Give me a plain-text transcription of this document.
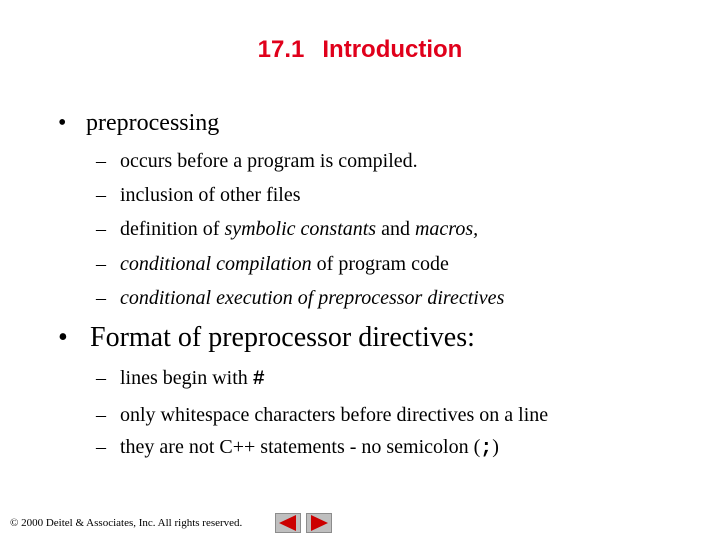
17.1 Introduction
• preprocessing
– occurs before a program is compiled.
– inclusion of other files
– definition of symbolic constants and macros,
– conditional compilation of program code
– conditional execution of preprocessor directives
• Format of preprocessor directives:
– lines begin with #
– only whitespace characters before directives on a line
– they are not C++ statements - no semicolon (;)
© 2000 Deitel & Associates, Inc. All rights reserved.
